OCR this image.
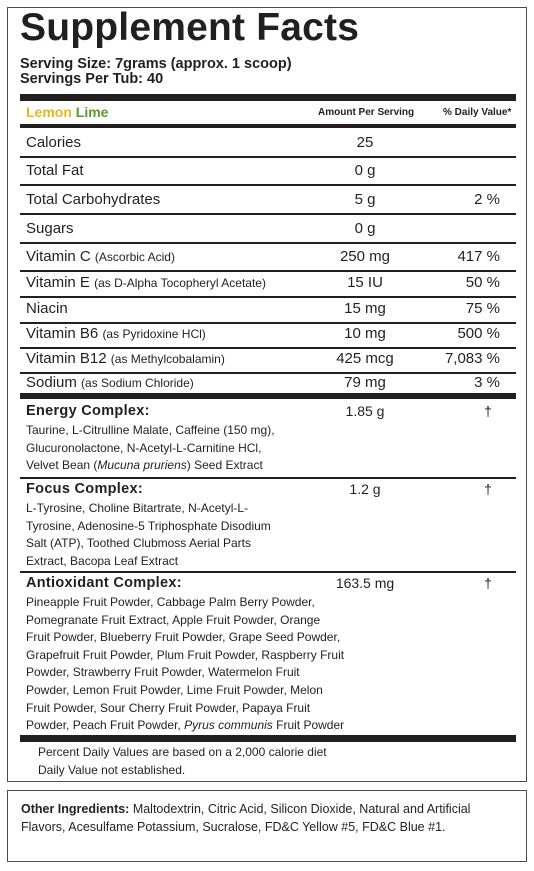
Supplement Facts
Serving Size: 7grams (approx. 1 scoop)
Servings Per Tub: 40
Lemon Lime	Amount Per Serving	% Daily Value*
Calories	25
Total Fat	0 g
Total Carbohydrates	5 g	2 %
Sugars	0 g
Vitamin C (Ascorbic Acid)	250 mg	417 %
Vitamin E (as D-Alpha Tocopheryl Acetate)	15 IU	50 %
Niacin	15 mg	75 %
Vitamin B6 (as Pyridoxine HCl)	10 mg	500 %
Vitamin B12 (as Methylcobalamin)	425 mcg	7,083 %
Sodium (as Sodium Chloride)	79 mg	3 %
Energy Complex:	1.85 g	†
Taurine, L-Citrulline Malate, Caffeine (150 mg),
Glucuronolactone, N-Acetyl-L-Carnitine HCl,
Velvet Bean (Mucuna pruriens) Seed Extract
Focus Complex:	1.2 g	†
L-Tyrosine, Choline Bitartrate, N-Acetyl-L-
Tyrosine, Adenosine-5 Triphosphate Disodium
Salt (ATP), Toothed Clubmoss Aerial Parts
Extract, Bacopa Leaf Extract
Antioxidant Complex:	163.5 mg	†
Pineapple Fruit Powder, Cabbage Palm Berry Powder,
Pomegranate Fruit Extract, Apple Fruit Powder, Orange
Fruit Powder, Blueberry Fruit Powder, Grape Seed Powder,
Grapefruit Fruit Powder, Plum Fruit Powder, Raspberry Fruit
Powder, Strawberry Fruit Powder, Watermelon Fruit
Powder, Lemon Fruit Powder, Lime Fruit Powder, Melon
Fruit Powder, Sour Cherry Fruit Powder, Papaya Fruit
Powder, Peach Fruit Powder, Pyrus communis Fruit Powder
Percent Daily Values are based on a 2,000 calorie diet
Daily Value not established.
Other Ingredients: Maltodextrin, Citric Acid, Silicon Dioxide, Natural and Artificial Flavors, Acesulfame Potassium, Sucralose, FD&C Yellow #5, FD&C Blue #1.
